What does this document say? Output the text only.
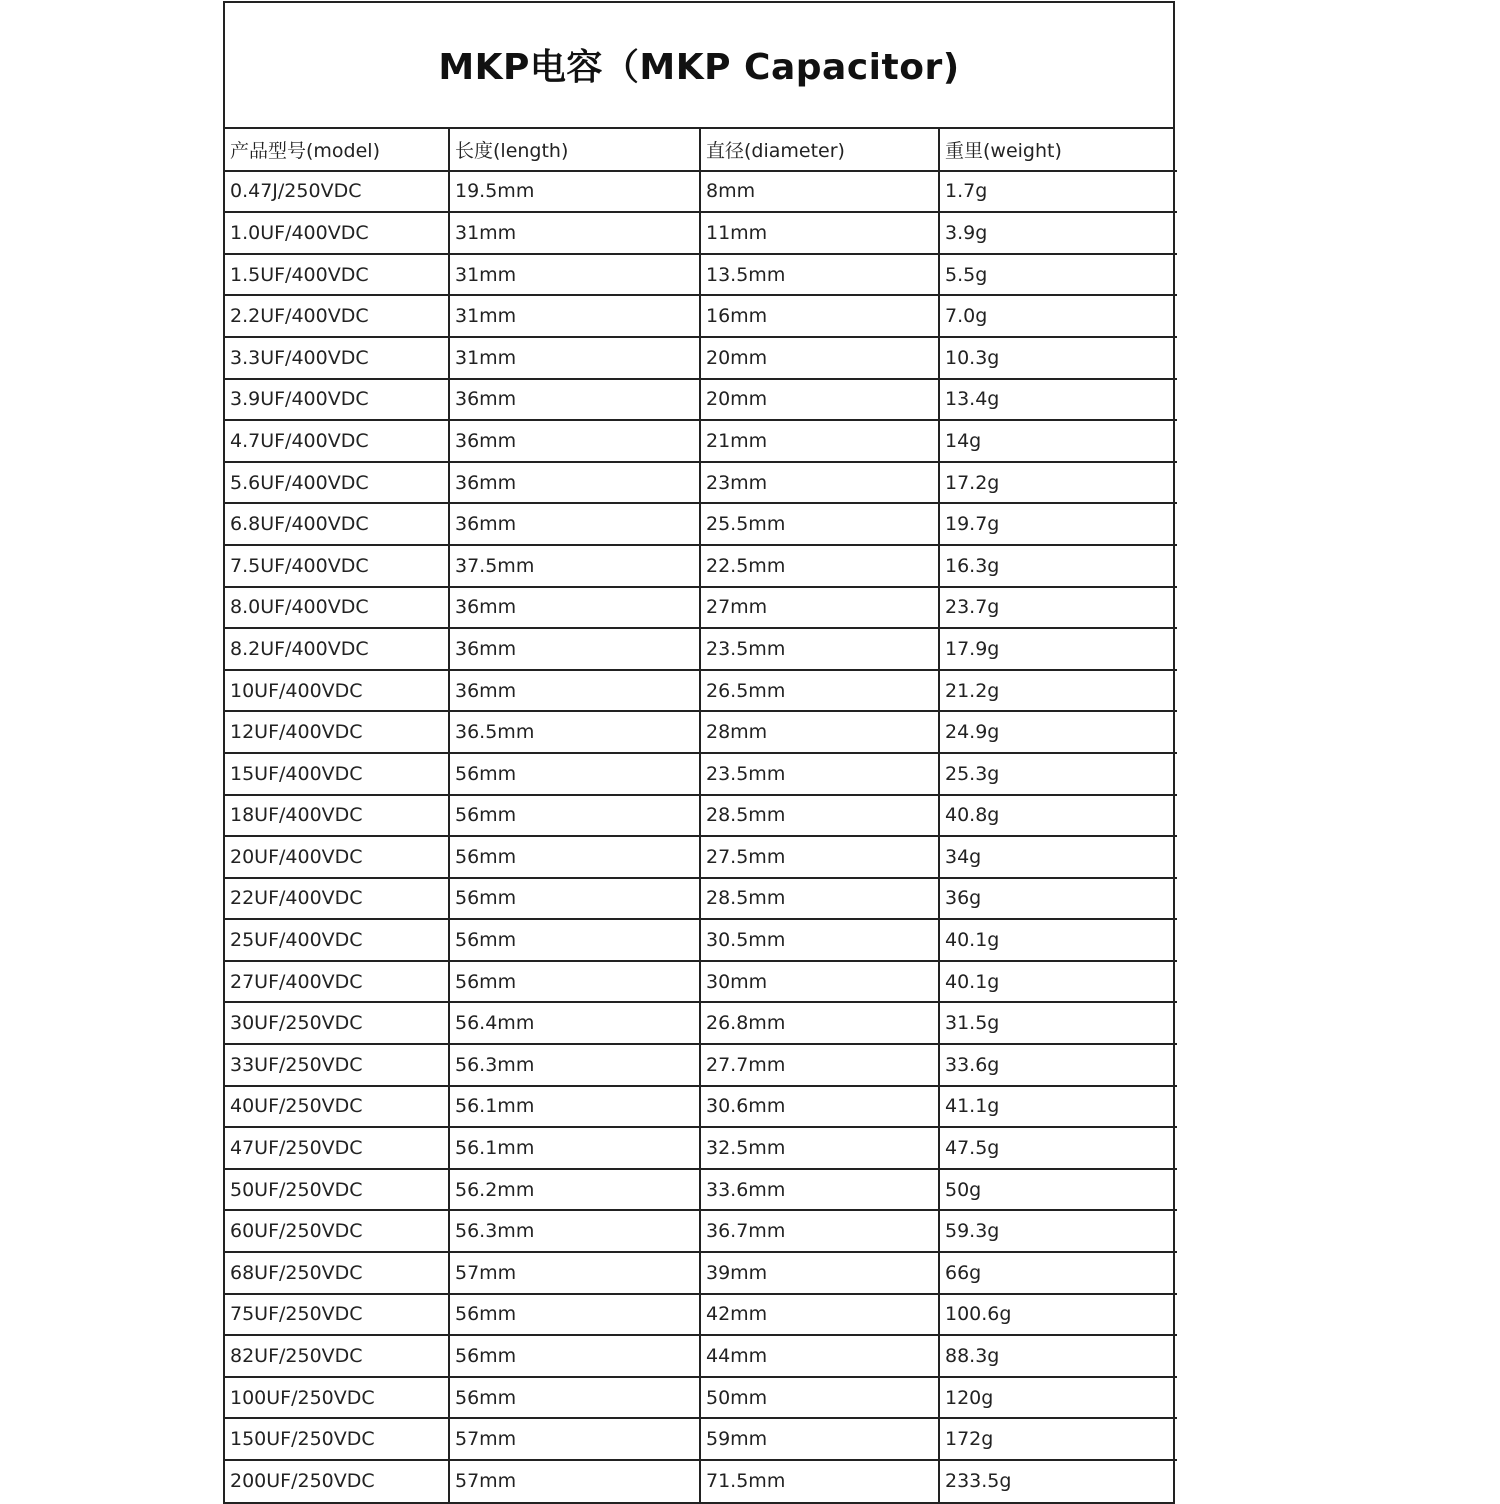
MKP电容（MKP Capacitor)
产品型号(model)	长度(length)	直径(diameter)	重里(weight)
0.47J/250VDC	19.5mm	8mm	1.7g
1.0UF/400VDC	31mm	11mm	3.9g
1.5UF/400VDC	31mm	13.5mm	5.5g
2.2UF/400VDC	31mm	16mm	7.0g
3.3UF/400VDC	31mm	20mm	10.3g
3.9UF/400VDC	36mm	20mm	13.4g
4.7UF/400VDC	36mm	21mm	14g
5.6UF/400VDC	36mm	23mm	17.2g
6.8UF/400VDC	36mm	25.5mm	19.7g
7.5UF/400VDC	37.5mm	22.5mm	16.3g
8.0UF/400VDC	36mm	27mm	23.7g
8.2UF/400VDC	36mm	23.5mm	17.9g
10UF/400VDC	36mm	26.5mm	21.2g
12UF/400VDC	36.5mm	28mm	24.9g
15UF/400VDC	56mm	23.5mm	25.3g
18UF/400VDC	56mm	28.5mm	40.8g
20UF/400VDC	56mm	27.5mm	34g
22UF/400VDC	56mm	28.5mm	36g
25UF/400VDC	56mm	30.5mm	40.1g
27UF/400VDC	56mm	30mm	40.1g
30UF/250VDC	56.4mm	26.8mm	31.5g
33UF/250VDC	56.3mm	27.7mm	33.6g
40UF/250VDC	56.1mm	30.6mm	41.1g
47UF/250VDC	56.1mm	32.5mm	47.5g
50UF/250VDC	56.2mm	33.6mm	50g
60UF/250VDC	56.3mm	36.7mm	59.3g
68UF/250VDC	57mm	39mm	66g
75UF/250VDC	56mm	42mm	100.6g
82UF/250VDC	56mm	44mm	88.3g
100UF/250VDC	56mm	50mm	120g
150UF/250VDC	57mm	59mm	172g
200UF/250VDC	57mm	71.5mm	233.5g
